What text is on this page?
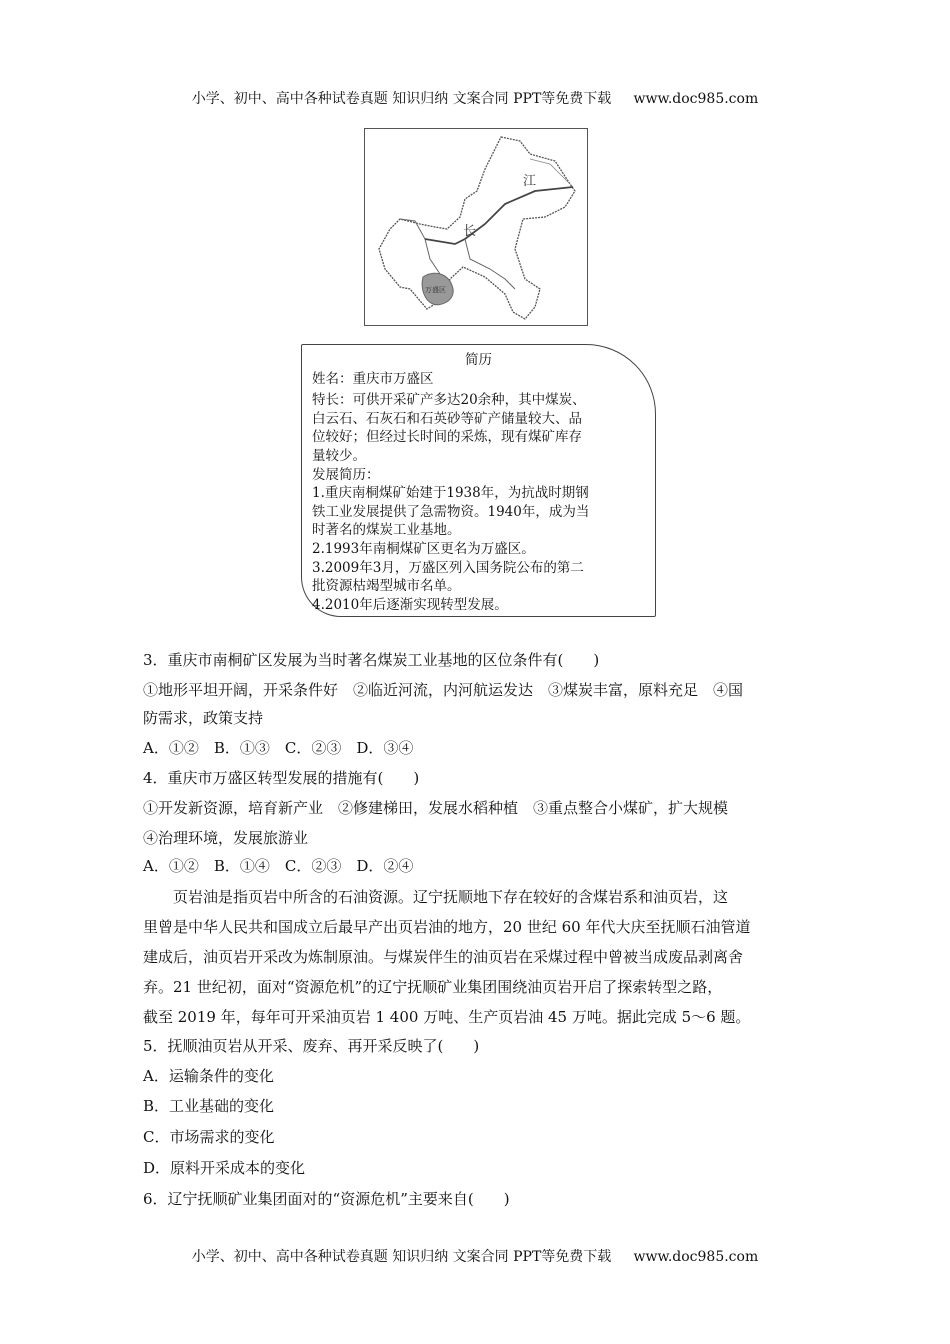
小学、初中、高中各种试卷真题 知识归纳 文案合同 PPT等免费下载     www.doc985.com
江
长
万盛区
简历
姓名：重庆市万盛区
特长：可供开采矿产多达20余种，其中煤炭、
白云石、石灰石和石英砂等矿产储量较大、品
位较好；但经过长时间的采炼，现有煤矿库存
量较少。
发展简历：
1.重庆南桐煤矿始建于1938年，为抗战时期钢
铁工业发展提供了急需物资。1940年，成为当
时著名的煤炭工业基地。
2.1993年南桐煤矿区更名为万盛区。
3.2009年3月，万盛区列入国务院公布的第二
批资源枯竭型城市名单。
4.2010年后逐渐实现转型发展。
3．重庆市南桐矿区发展为当时著名煤炭工业基地的区位条件有(　　)
①地形平坦开阔，开采条件好　②临近河流，内河航运发达　③煤炭丰富，原料充足　④国
防需求，政策支持
A．①②　B．①③　C．②③　D．③④
4．重庆市万盛区转型发展的措施有(　　)
①开发新资源，培育新产业　②修建梯田，发展水稻种植　③重点整合小煤矿，扩大规模
④治理环境，发展旅游业
A．①②　B．①④　C．②③　D．②④
　　页岩油是指页岩中所含的石油资源。辽宁抚顺地下存在较好的含煤岩系和油页岩，这
里曾是中华人民共和国成立后最早产出页岩油的地方，20 世纪 60 年代大庆至抚顺石油管道
建成后，油页岩开采改为炼制原油。与煤炭伴生的油页岩在采煤过程中曾被当成废品剥离舍
弃。21 世纪初，面对“资源危机”的辽宁抚顺矿业集团围绕油页岩开启了探索转型之路，
截至 2019 年，每年可开采油页岩 1 400 万吨、生产页岩油 45 万吨。据此完成 5～6 题。
5．抚顺油页岩从开采、废弃、再开采反映了(　　)
A．运输条件的变化
B．工业基础的变化
C．市场需求的变化
D．原料开采成本的变化
6．辽宁抚顺矿业集团面对的“资源危机”主要来自(　　)
小学、初中、高中各种试卷真题 知识归纳 文案合同 PPT等免费下载     www.doc985.com
